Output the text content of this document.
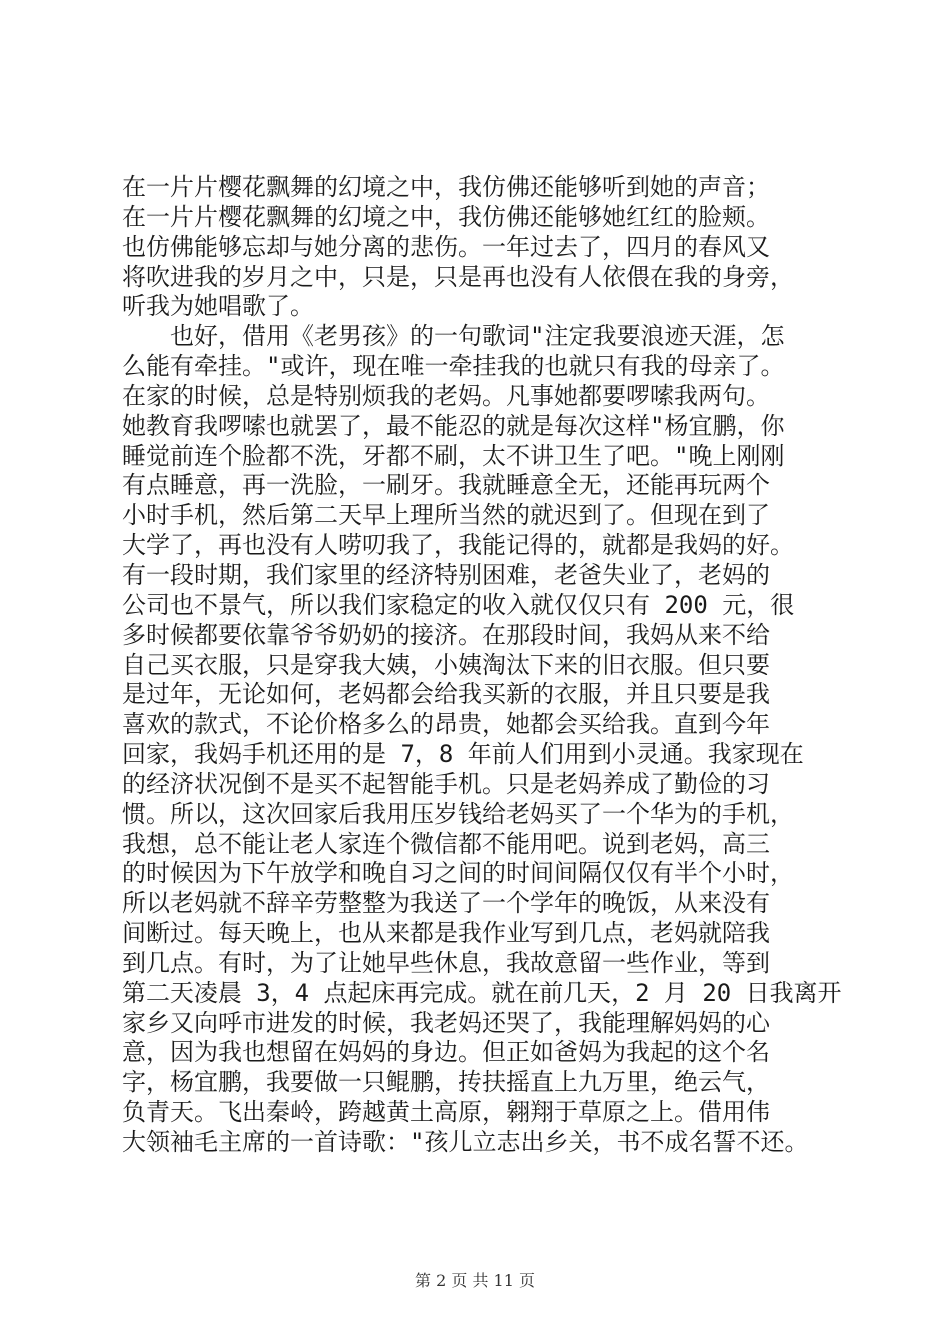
在一片片樱花飘舞的幻境之中，我仿佛还能够听到她的声音；
在一片片樱花飘舞的幻境之中，我仿佛还能够她红红的脸颊。
也仿佛能够忘却与她分离的悲伤。一年过去了，四月的春风又
将吹进我的岁月之中，只是，只是再也没有人依偎在我的身旁，
听我为她唱歌了。
　　也好，借用《老男孩》的一句歌词"注定我要浪迹天涯，怎
么能有牵挂。"或许，现在唯一牵挂我的也就只有我的母亲了。
在家的时候，总是特别烦我的老妈。凡事她都要啰嗦我两句。
她教育我啰嗦也就罢了，最不能忍的就是每次这样"杨宜鹏，你
睡觉前连个脸都不洗，牙都不刷，太不讲卫生了吧。"晚上刚刚
有点睡意，再一洗脸，一刷牙。我就睡意全无，还能再玩两个
小时手机，然后第二天早上理所当然的就迟到了。但现在到了
大学了，再也没有人唠叨我了，我能记得的，就都是我妈的好。
有一段时期，我们家里的经济特别困难，老爸失业了，老妈的
公司也不景气，所以我们家稳定的收入就仅仅只有 200 元，很
多时候都要依靠爷爷奶奶的接济。在那段时间，我妈从来不给
自己买衣服，只是穿我大姨，小姨淘汰下来的旧衣服。但只要
是过年，无论如何，老妈都会给我买新的衣服，并且只要是我
喜欢的款式，不论价格多么的昂贵，她都会买给我。直到今年
回家，我妈手机还用的是 7，8 年前人们用到小灵通。我家现在
的经济状况倒不是买不起智能手机。只是老妈养成了勤俭的习
惯。所以，这次回家后我用压岁钱给老妈买了一个华为的手机，
我想，总不能让老人家连个微信都不能用吧。说到老妈，高三
的时候因为下午放学和晚自习之间的时间间隔仅仅有半个小时，
所以老妈就不辞辛劳整整为我送了一个学年的晚饭，从来没有
间断过。每天晚上，也从来都是我作业写到几点，老妈就陪我
到几点。有时，为了让她早些休息，我故意留一些作业，等到
第二天凌晨 3，4 点起床再完成。就在前几天，2 月 20 日我离开
家乡又向呼市进发的时候，我老妈还哭了，我能理解妈妈的心
意，因为我也想留在妈妈的身边。但正如爸妈为我起的这个名
字，杨宜鹏，我要做一只鲲鹏，抟扶摇直上九万里，绝云气，
负青天。飞出秦岭，跨越黄土高原，翱翔于草原之上。借用伟
大领袖毛主席的一首诗歌："孩儿立志出乡关，书不成名誓不还。
第 2 页 共 11 页
